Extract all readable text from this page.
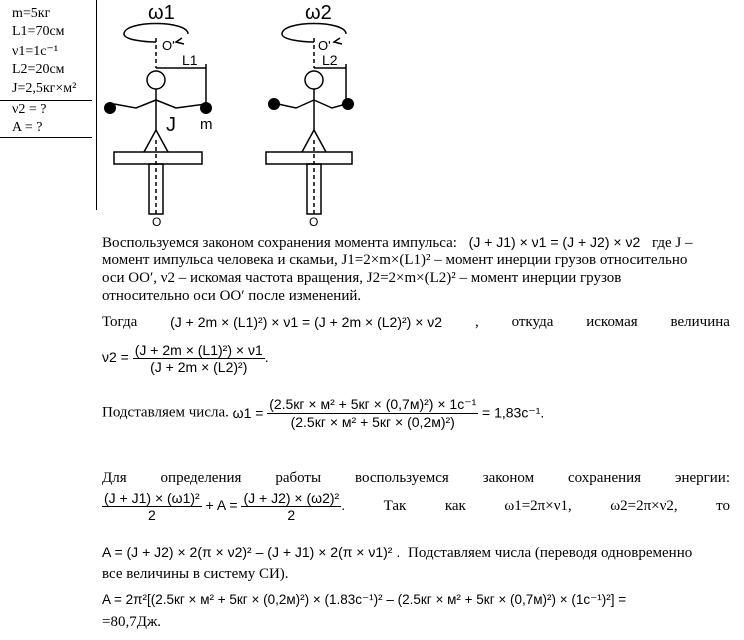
m=5кг
L1=70см
ν1=1с⁻¹
L2=20см
J=2,5кг×м²
ν2 = ?
A = ?
ω1	ω2
O'	O'
L1	L2
J m
O	O
Воспользуемся законом сохранения момента импульса: (J + J1) × ν1 = (J + J2) × ν2 где J –
момент импульса человека и скамьи, J1=2×m×(L1)² – момент инерции грузов относительно
оси OO′, ν2 – искомая частота вращения, J2=2×m×(L2)² – момент инерции грузов
относительно оси OO′ после изменений.
Тогда (J + 2m × (L1)²) × ν1 = (J + 2m × (L2)²) × ν2 , откуда искомая величина
$\nu 2 = \frac{\text{(J + 2m × (L1)²) × ν1}}{\text{(J + 2m × (L2)²)}}$ .
Подставляем числа. ω1 =
(2.5кг × м² + 5кг × (0,7м)²) × 1с⁻¹
(2.5кг × м² + 5кг × (0,2м)²)
= 1,83с⁻¹.
Для определения работы воспользуемся законом сохранения энергии:
$\frac{\text{(J + J1) × (ω1)²}}{2} + A = \frac{\text{(J + J2) × (ω2)²}}{2}$ .	Так	как	ω1=2π×ν1,	ω2=2π×ν2,	то
A = (J + J2) × 2(π × ν2)² – (J + J1) × 2(π × ν1)² . Подставляем числа (переводя одновременно
все величины в систему СИ).
A = 2π²[(2.5кг × м² + 5кг × (0,2м)²) × (1.83с⁻¹)² – (2.5кг × м² + 5кг × (0,7м)²) × (1с⁻¹)²] =
=80,7Дж.
